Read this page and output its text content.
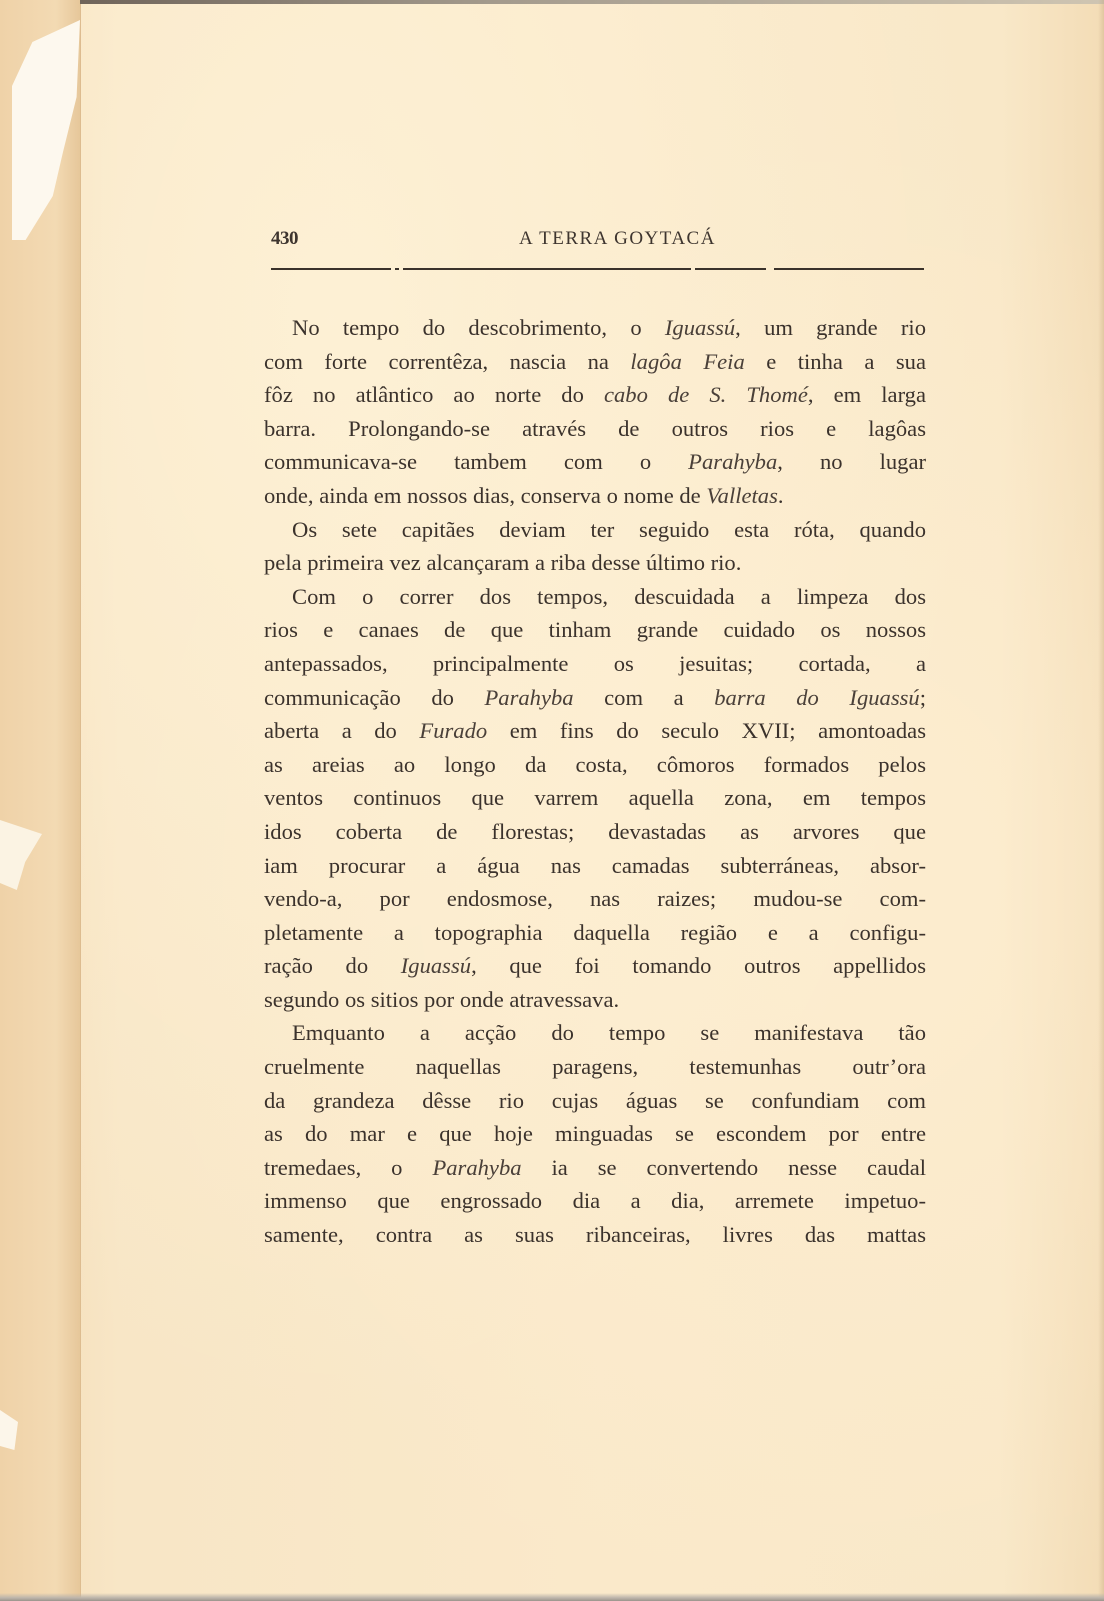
430	A TERRA GOYTACÁ
No tempo do descobrimento, o Iguassú, um grande rio
com forte correntêza, nascia na lagôa Feia e tinha a sua
fôz no atlântico ao norte do cabo de S. Thomé, em larga
barra. Prolongando-se através de outros rios e lagôas
communicava-se tambem com o Parahyba, no lugar
onde, ainda em nossos dias, conserva o nome de Valletas.
Os sete capitães deviam ter seguido esta róta, quando
pela primeira vez alcançaram a riba desse último rio.
Com o correr dos tempos, descuidada a limpeza dos
rios e canaes de que tinham grande cuidado os nossos
antepassados, principalmente os jesuitas; cortada, a
communicação do Parahyba com a barra do Iguassú;
aberta a do Furado em fins do seculo XVII; amontoadas
as areias ao longo da costa, cômoros formados pelos
ventos continuos que varrem aquella zona, em tempos
idos coberta de florestas; devastadas as arvores que
iam procurar a água nas camadas subterráneas, absor-
vendo-a, por endosmose, nas raizes; mudou-se com-
pletamente a topographia daquella região e a configu-
ração do Iguassú, que foi tomando outros appellidos
segundo os sitios por onde atravessava.
Emquanto a acção do tempo se manifestava tão
cruelmente naquellas paragens, testemunhas outr’ora
da grandeza dêsse rio cujas águas se confundiam com
as do mar e que hoje minguadas se escondem por entre
tremedaes, o Parahyba ia se convertendo nesse caudal
immenso que engrossado dia a dia, arremete impetuo-
samente, contra as suas ribanceiras, livres das mattas
